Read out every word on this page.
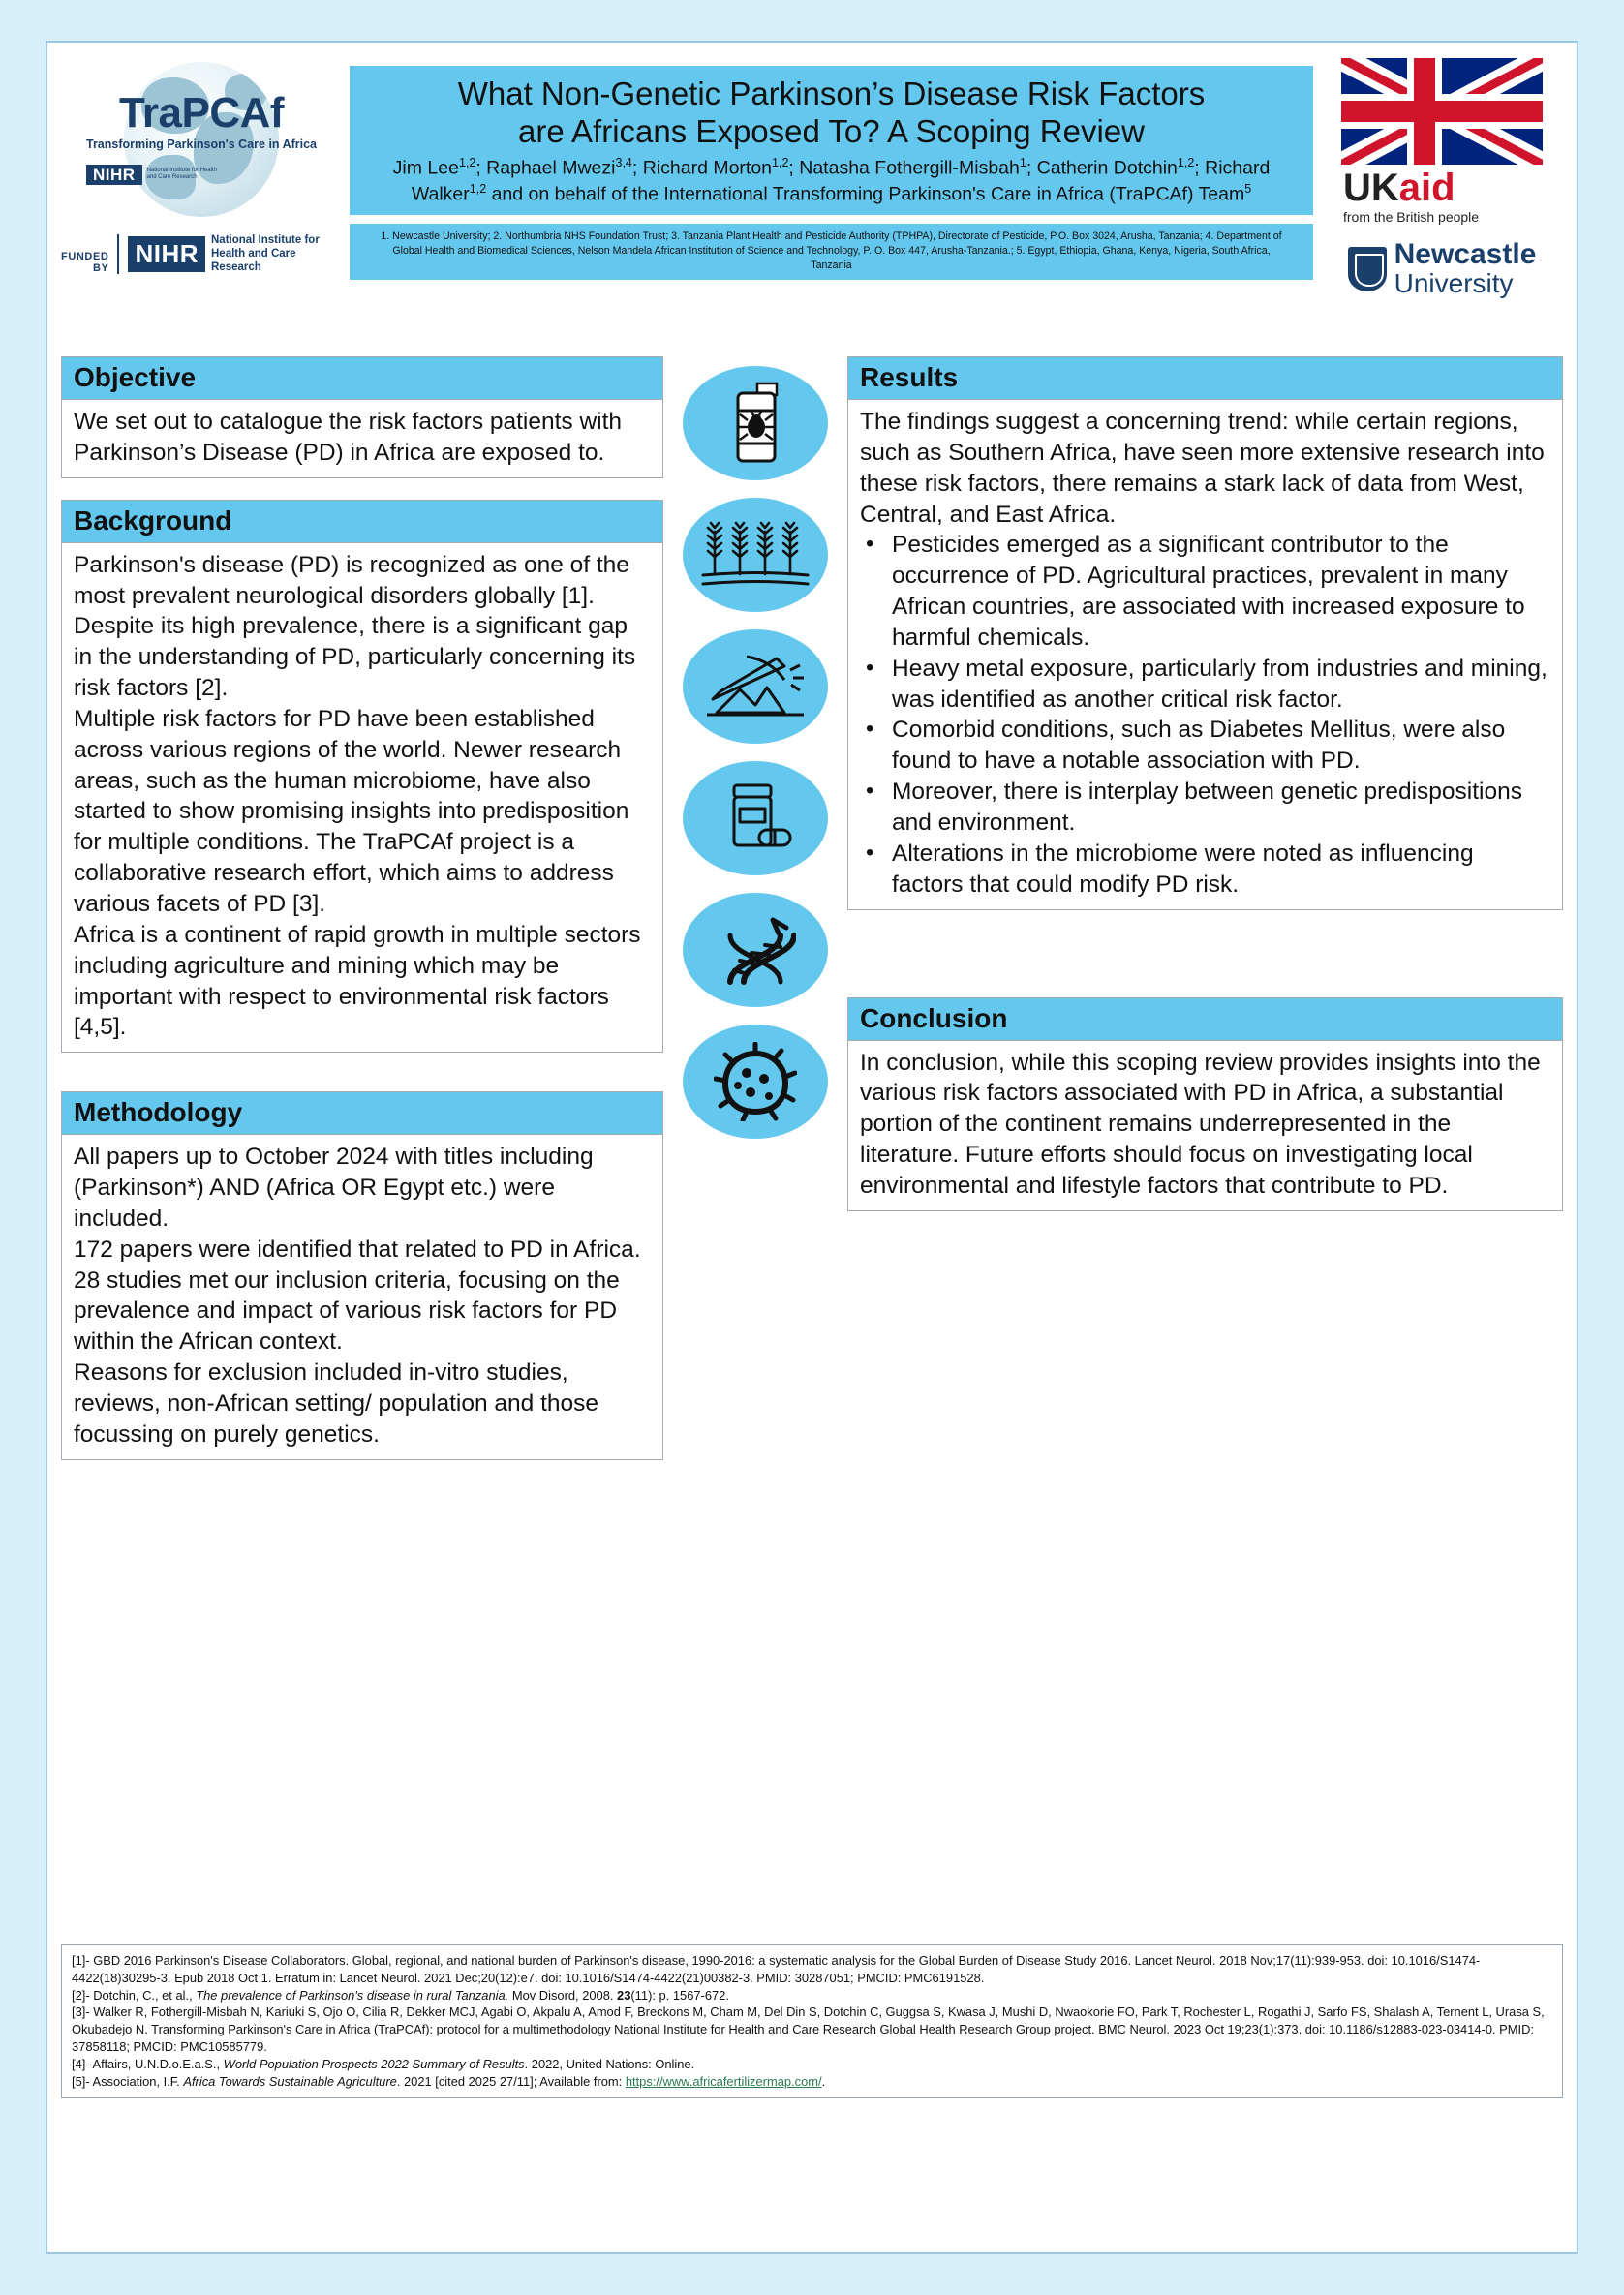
TraPCAf
Transforming Parkinson's Care in Africa
NIHR	National Institute for Health and Care Research
FUNDED BY
NIHR	National Institute for Health and Care Research
What Non-Genetic Parkinson’s Disease Risk Factors
are Africans Exposed To? A Scoping Review

Jim Lee$^{1,2}$; Raphael Mwezi$^{3,4}$; Richard Morton$^{1,2}$; Natasha Fothergill-Misbah$^1$; Catherin Dotchin$^{1,2}$; Richard Walker$^{1,2}$ and on behalf of the International Transforming Parkinson's Care in Africa (TraPCAf) Team$^5$

1. Newcastle University; 2. Northumbria NHS Foundation Trust; 3. Tanzania Plant Health and Pesticide Authority (TPHPA), Directorate of Pesticide, P.O. Box 3024, Arusha, Tanzania; 4. Department of Global Health and Biomedical Sciences, Nelson Mandela African Institution of Science and Technology, P. O. Box 447, Arusha-Tanzania.; 5. Egypt, Ethiopia, Ghana, Kenya, Nigeria, South Africa, Tanzania
UKaid
from the British people
Newcastle
University
Objective

We set out to catalogue the risk factors patients with Parkinson’s Disease (PD) in Africa are exposed to.

Background

Parkinson's disease (PD) is recognized as one of the most prevalent neurological disorders globally [1]. Despite its high prevalence, there is a significant gap in the understanding of PD, particularly concerning its risk factors [2].

Multiple risk factors for PD have been established across various regions of the world. Newer research areas, such as the human microbiome, have also started to show promising insights into predisposition for multiple conditions. The TraPCAf project is a collaborative research effort, which aims to address various facets of PD [3].

Africa is a continent of rapid growth in multiple sectors including agriculture and mining which may be important with respect to environmental risk factors [4,5].

Methodology

All papers up to October 2024 with titles including (Parkinson*) AND (Africa OR Egypt etc.) were included.

172 papers were identified that related to PD in Africa. 28 studies met our inclusion criteria, focusing on the prevalence and impact of various risk factors for PD within the African context.

Reasons for exclusion included in-vitro studies, reviews, non-African setting/ population and those focussing on purely genetics.

Results

The findings suggest a concerning trend: while certain regions, such as Southern Africa, have seen more extensive research into these risk factors, there remains a stark lack of data from West, Central, and East Africa.

• Pesticides emerged as a significant contributor to the occurrence of PD. Agricultural practices, prevalent in many African countries, are associated with increased exposure to harmful chemicals.
• Heavy metal exposure, particularly from industries and mining, was identified as another critical risk factor.
• Comorbid conditions, such as Diabetes Mellitus, were also found to have a notable association with PD.
• Moreover, there is interplay between genetic predispositions and environment.
• Alterations in the microbiome were noted as influencing factors that could modify PD risk.
Conclusion

In conclusion, while this scoping review provides insights into the various risk factors associated with PD in Africa, a substantial portion of the continent remains underrepresented in the literature. Future efforts should focus on investigating local environmental and lifestyle factors that contribute to PD.

[1]- GBD 2016 Parkinson's Disease Collaborators. Global, regional, and national burden of Parkinson's disease, 1990-2016: a systematic analysis for the Global Burden of Disease Study 2016. Lancet Neurol. 2018 Nov;17(11):939-953. doi: 10.1016/S1474-4422(18)30295-3. Epub 2018 Oct 1. Erratum in: Lancet Neurol. 2021 Dec;20(12):e7. doi: 10.1016/S1474-4422(21)00382-3. PMID: 30287051; PMCID: PMC6191528.

[2]- Dotchin, C., et al., The prevalence of Parkinson's disease in rural Tanzania. Mov Disord, 2008. 23(11): p. 1567-672.

[3]- Walker R, Fothergill-Misbah N, Kariuki S, Ojo O, Cilia R, Dekker MCJ, Agabi O, Akpalu A, Amod F, Breckons M, Cham M, Del Din S, Dotchin C, Guggsa S, Kwasa J, Mushi D, Nwaokorie FO, Park T, Rochester L, Rogathi J, Sarfo FS, Shalash A, Ternent L, Urasa S, Okubadejo N. Transforming Parkinson's Care in Africa (TraPCAf): protocol for a multimethodology National Institute for Health and Care Research Global Health Research Group project. BMC Neurol. 2023 Oct 19;23(1):373. doi: 10.1186/s12883-023-03414-0. PMID: 37858118; PMCID: PMC10585779.

[4]- Affairs, U.N.D.o.E.a.S., World Population Prospects 2022 Summary of Results. 2022, United Nations: Online.

[5]- Association, I.F. Africa Towards Sustainable Agriculture. 2021 [cited 2025 27/11]; Available from: https://www.africafertilizermap.com/.
